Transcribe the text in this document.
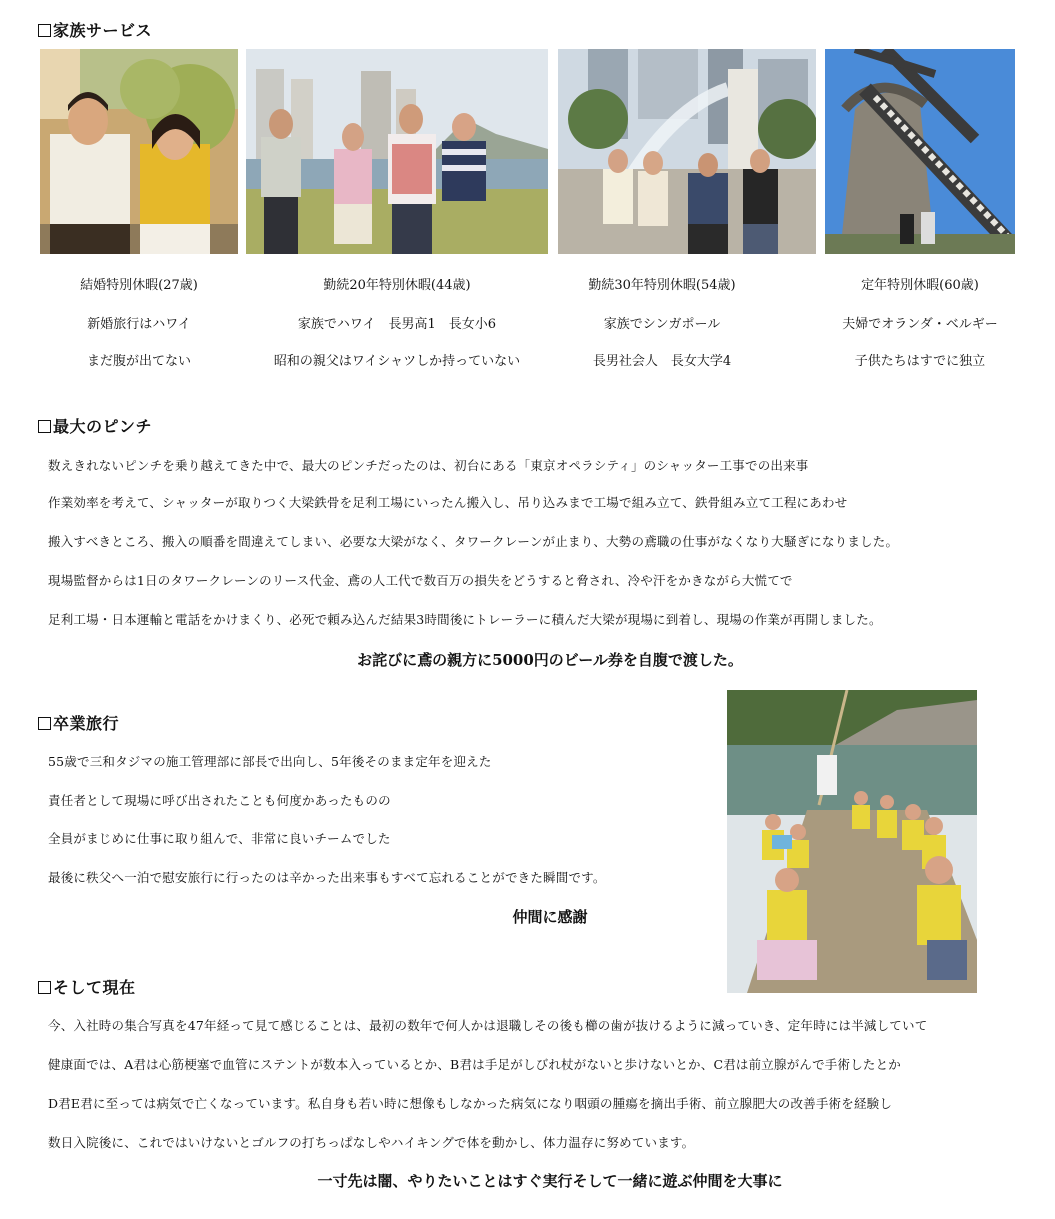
家族サービス
結婚特別休暇(27歳)
新婚旅行はハワイ
まだ腹が出てない
勤続20年特別休暇(44歳)
家族でハワイ　長男高1　長女小6
昭和の親父はワイシャツしか持っていない
勤続30年特別休暇(54歳)
家族でシンガポール
長男社会人　長女大学4
定年特別休暇(60歳)
夫婦でオランダ・ベルギー
子供たちはすでに独立
最大のピンチ
数えきれないピンチを乗り越えてきた中で、最大のピンチだったのは、初台にある「東京オペラシティ」のシャッター工事での出来事
作業効率を考えて、シャッターが取りつく大梁鉄骨を足利工場にいったん搬入し、吊り込みまで工場で組み立て、鉄骨組み立て工程にあわせ
搬入すべきところ、搬入の順番を間違えてしまい、必要な大梁がなく、タワークレーンが止まり、大勢の鳶職の仕事がなくなり大騒ぎになりました。
現場監督からは1日のタワークレーンのリース代金、鳶の人工代で数百万の損失をどうすると脅され、冷や汗をかきながら大慌てで
足利工場・日本運輸と電話をかけまくり、必死で頼み込んだ結果3時間後にトレーラーに積んだ大梁が現場に到着し、現場の作業が再開しました。
お詫びに鳶の親方に5000円のビール券を自腹で渡した。
卒業旅行
55歳で三和タジマの施工管理部に部長で出向し、5年後そのまま定年を迎えた
責任者として現場に呼び出されたことも何度かあったものの
全員がまじめに仕事に取り組んで、非常に良いチームでした
最後に秩父へ一泊で慰安旅行に行ったのは辛かった出来事もすべて忘れることができた瞬間です。
仲間に感謝
そして現在
今、入社時の集合写真を47年経って見て感じることは、最初の数年で何人かは退職しその後も櫛の歯が抜けるように減っていき、定年時には半減していて
健康面では、A君は心筋梗塞で血管にステントが数本入っているとか、B君は手足がしびれ杖がないと歩けないとか、C君は前立腺がんで手術したとか
D君E君に至っては病気で亡くなっています。私自身も若い時に想像もしなかった病気になり咽頭の腫瘍を摘出手術、前立腺肥大の改善手術を経験し
数日入院後に、これではいけないとゴルフの打ちっぱなしやハイキングで体を動かし、体力温存に努めています。
一寸先は闇、やりたいことはすぐ実行そして一緒に遊ぶ仲間を大事に
